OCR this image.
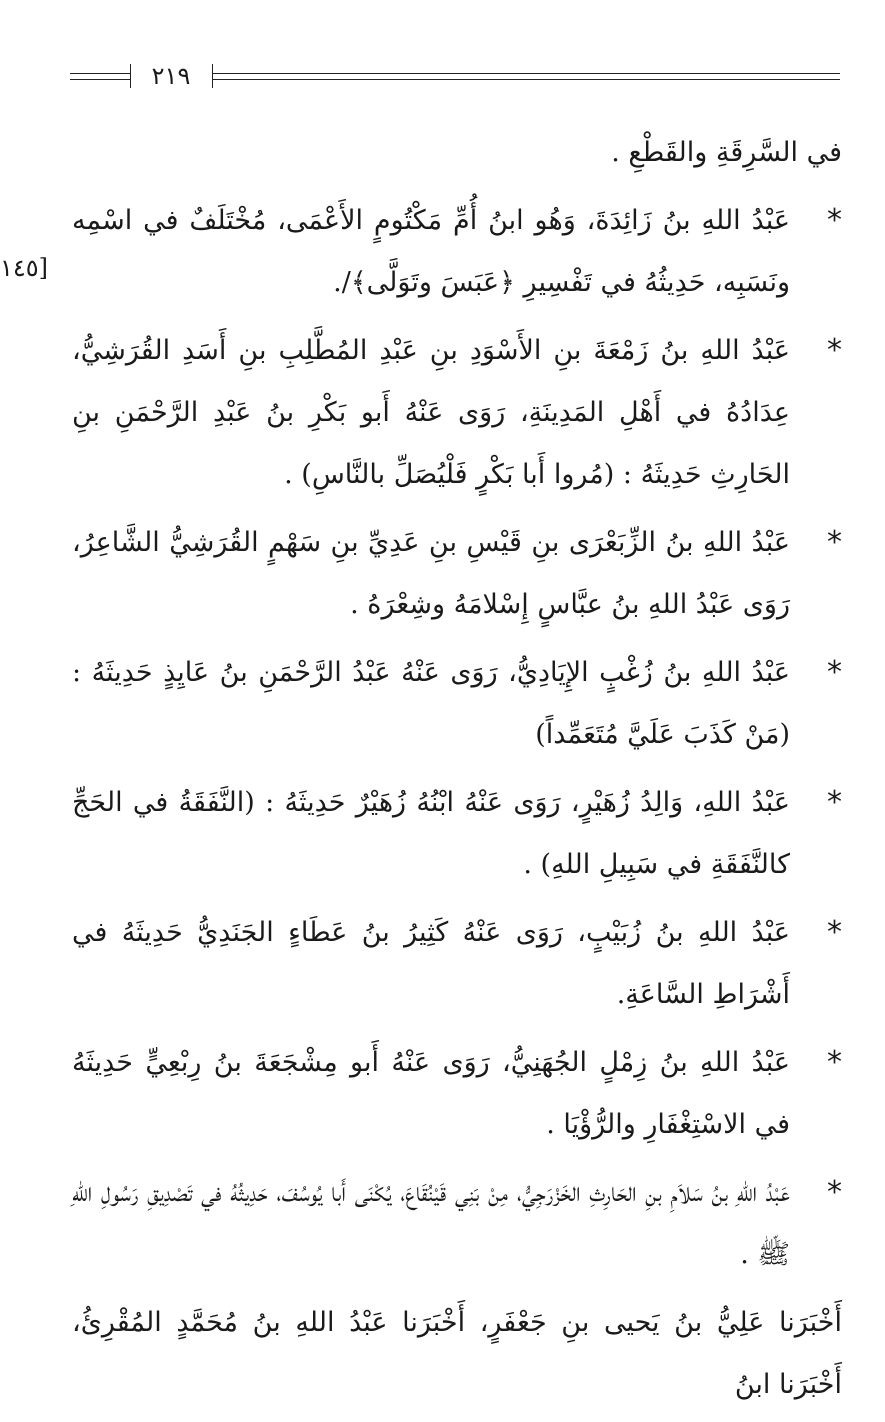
٢١٩
[١٤٥

في السَّرِقَةِ والقَطْعِ .

*
عَبْدُ اللهِ بنُ زَائِدَةَ، وَهُو ابنُ أُمِّ مَكْتُومٍ الأَعْمَى، مُخْتَلَفٌ في اسْمِه ونَسَبِه، حَدِيثُهُ في تَفْسِيرِ ﴿عَبَسَ وتَوَلَّى﴾/.

*
عَبْدُ اللهِ بنُ زَمْعَةَ بنِ الأَسْوَدِ بنِ عَبْدِ المُطَّلِبِ بنِ أَسَدِ القُرَشِيُّ، عِدَادُهُ في أَهْلِ المَدِينَةِ، رَوَى عَنْهُ أَبو بَكْرِ بنُ عَبْدِ الرَّحْمَنِ بنِ الحَارِثِ حَدِيثَهُ : (مُروا أَبا بَكْرٍ فَلْيُصَلِّ بالنَّاسِ) .

*
عَبْدُ اللهِ بنُ الزِّبَعْرَى بنِ قَيْسِ بنِ عَدِيِّ بنِ سَهْمٍ القُرَشِيُّ الشَّاعِرُ، رَوَى عَبْدُ اللهِ بنُ عبَّاسٍ إِسْلامَهُ وشِعْرَهُ .

*
عَبْدُ اللهِ بنُ زُغْبٍ الإِيَادِيُّ، رَوَى عَنْهُ عَبْدُ الرَّحْمَنِ بنُ عَايِذٍ حَدِيثَهُ : (مَنْ كَذَبَ عَلَيَّ مُتَعَمِّداً)

*
عَبْدُ اللهِ، وَالِدُ زُهَيْرٍ، رَوَى عَنْهُ ابْنُهُ زُهَيْرٌ حَدِيثَهُ : (النَّفَقَةُ في الحَجِّ كالنَّفَقَةِ في سَبِيلِ اللهِ) .

*
عَبْدُ اللهِ بنُ زُبَيْبٍ، رَوَى عَنْهُ كَثِيرُ بنُ عَطَاءٍ الجَنَدِيُّ حَدِيثَهُ في أَشْرَاطِ السَّاعَةِ.

*
عَبْدُ اللهِ بنُ زِمْلٍ الجُهَنِيُّ، رَوَى عَنْهُ أَبو مِشْجَعَةَ بنُ رِبْعِيٍّ حَدِيثَهُ في الاسْتِغْفَارِ والرُّؤْيَا .

*
عَبْدُ اللهِ بنُ سَلاَمِ بنِ الحَارِثِ الخَزْرَجِيُّ، مِنْ بَنِي قَيْنُقَاعَ، يُكْنَى أَبا يُوسُفَ، حَدِيثُهُ في تَصْدِيقِ رَسُولِ اللهِ ﷺ .

أَخْبَرَنا عَلِيُّ بنُ يَحيى بنِ جَعْفَرٍ، أَخْبَرَنا عَبْدُ اللهِ بنُ مُحَمَّدٍ المُقْرِئُ، أَخْبَرَنا ابنُ
